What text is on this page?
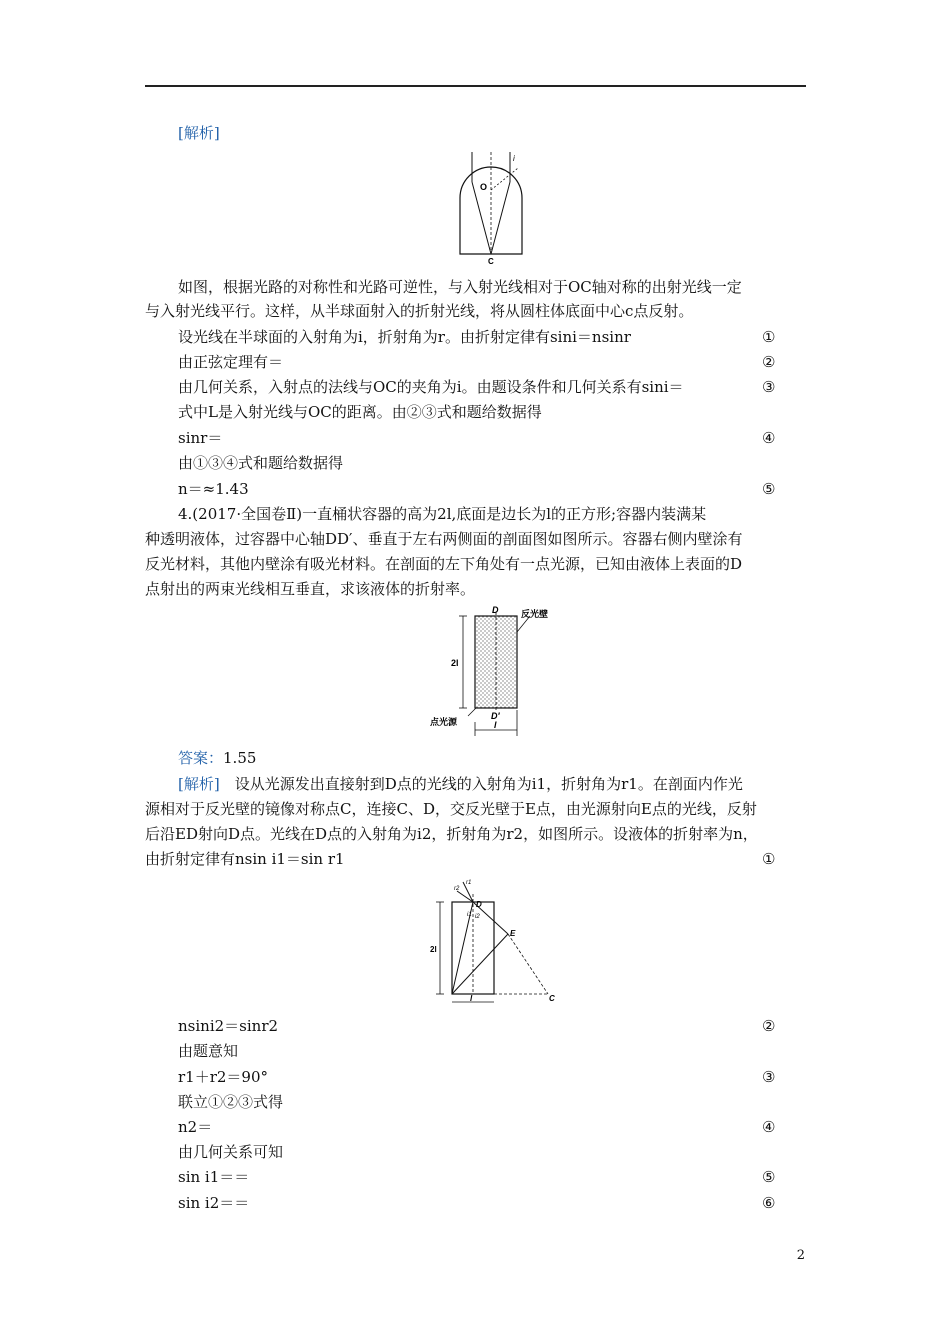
[解析]
i
O
C
如图，根据光路的对称性和光路可逆性，与入射光线相对于OC轴对称的出射光线一定
与入射光线平行。这样，从半球面射入的折射光线，将从圆柱体底面中心c点反射。
设光线在半球面的入射角为i，折射角为r。由折射定律有sini＝nsinr	①
由正弦定理有＝	②
由几何关系，入射点的法线与OC的夹角为i。由题设条件和几何关系有sini＝	③
式中L是入射光线与OC的距离。由②③式和题给数据得
sinr＝	④
由①③④式和题给数据得
n＝≈1.43	⑤
4.(2017·全国卷Ⅱ)一直桶状容器的高为2l,底面是边长为l的正方形;容器内装满某
种透明液体，过容器中心轴DD′、垂直于左右两侧面的剖面图如图所示。容器右侧内壁涂有
反光材料，其他内壁涂有吸光材料。在剖面的左下角处有一点光源，已知由液体上表面的D
点射出的两束光线相互垂直，求该液体的折射率。
D	反光壁
2l
D′
点光源	l
答案：1.55
[解析]　 设从光源发出直接射到D点的光线的入射角为i1，折射角为r1。在剖面内作光
源相对于反光壁的镜像对称点C，连接C、D，交反光壁于E点，由光源射向E点的光线，反射
后沿ED射向D点。光线在D点的入射角为i2，折射角为r2，如图所示。设液体的折射率为n，
由折射定律有nsin i1＝sin r1	①
D
E
C
2l
l
r1
r2
i1 i2
nsini2＝sinr2	②
由题意知
r1＋r2＝90°	③
联立①②③式得
n2＝	④
由几何关系可知
sin i1＝＝	⑤
sin i2＝＝	⑥
2
